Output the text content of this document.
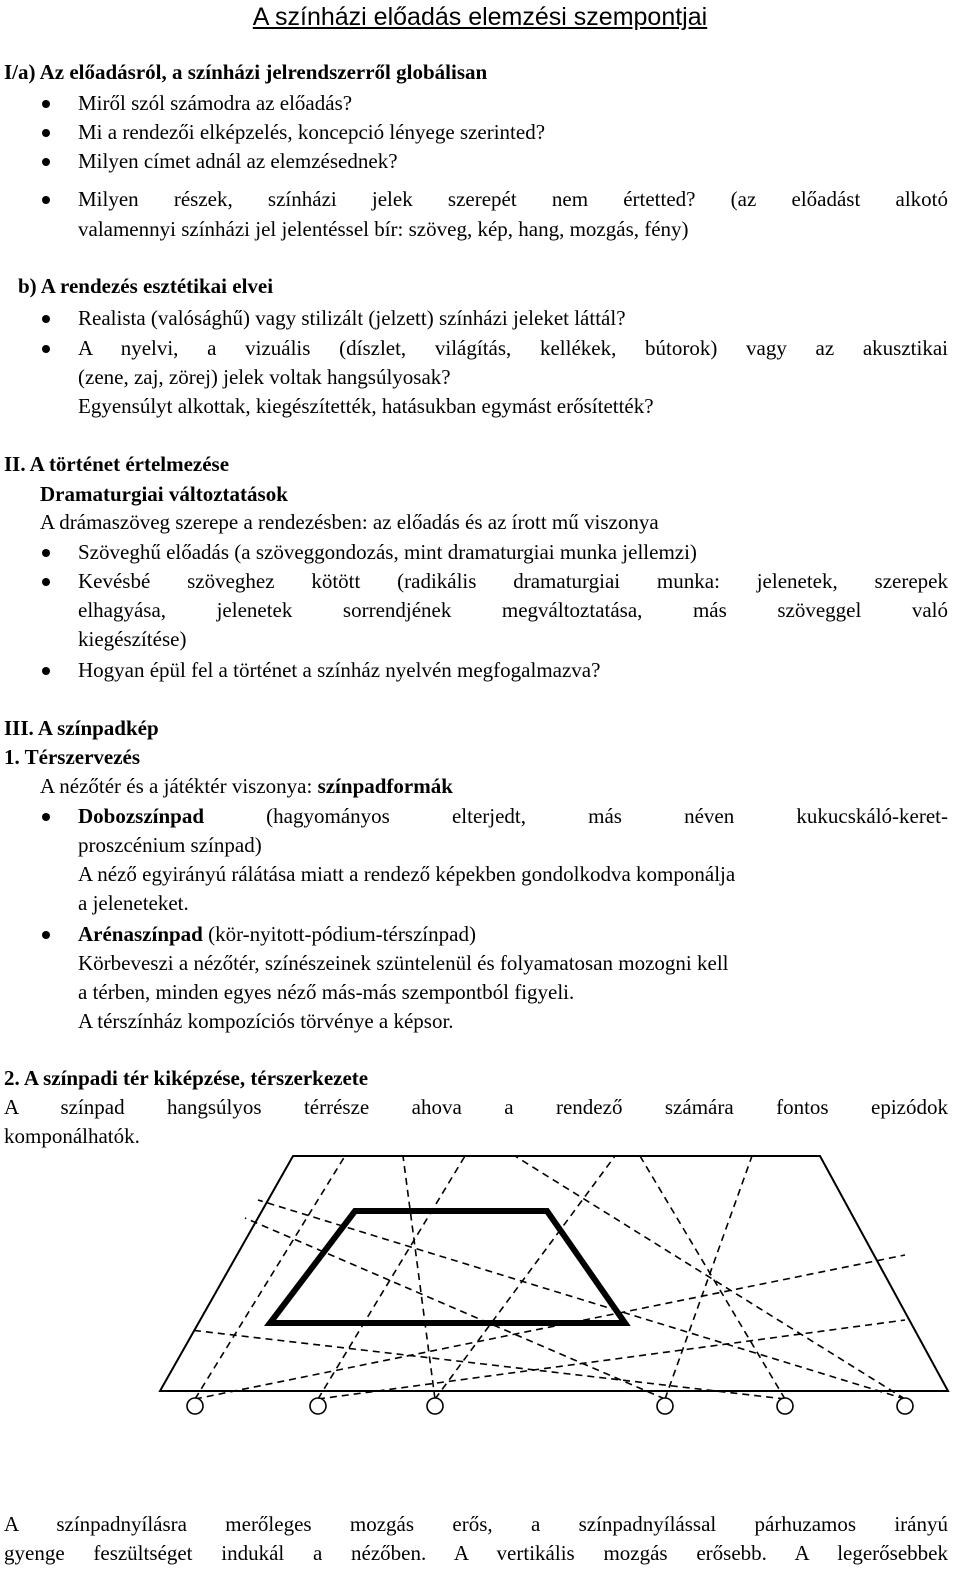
A színházi előadás elemzési szempontjai
I/a) Az előadásról, a színházi jelrendszerről globálisan
Miről szól számodra az előadás?
Mi a rendezői elképzelés, koncepció lényege szerinted?
Milyen címet adnál az elemzésednek?
Milyen részek, színházi jelek szerepét nem értetted? (az előadást alkotó
valamennyi színházi jel jelentéssel bír: szöveg, kép, hang, mozgás, fény)
b) A rendezés esztétikai elvei
Realista (valósághű) vagy stilizált (jelzett) színházi jeleket láttál?
A nyelvi, a vizuális (díszlet, világítás, kellékek, bútorok) vagy az akusztikai
(zene, zaj, zörej) jelek voltak hangsúlyosak?
Egyensúlyt alkottak, kiegészítették, hatásukban egymást erősítették?
II. A történet értelmezése
Dramaturgiai változtatások
A drámaszöveg szerepe a rendezésben: az előadás és az írott mű viszonya
Szöveghű előadás (a szöveggondozás, mint dramaturgiai munka jellemzi)
Kevésbé szöveghez kötött (radikális dramaturgiai munka: jelenetek, szerepek
elhagyása, jelenetek sorrendjének megváltoztatása, más szöveggel való
kiegészítése)
Hogyan épül fel a történet a színház nyelvén megfogalmazva?
III. A színpadkép
1. Térszervezés
A nézőtér és a játéktér viszonya: színpadformák
Dobozszínpad (hagyományos elterjedt, más néven kukucskáló-keret-
proszcénium színpad)
A néző egyirányú rálátása miatt a rendező képekben gondolkodva komponálja
a jeleneteket.
Arénaszínpad (kör-nyitott-pódium-térszínpad)
Körbeveszi a nézőtér, színészeinek szüntelenül és folyamatosan mozogni kell
a térben, minden egyes néző más-más szempontból figyeli.
A térszínház kompozíciós törvénye a képsor.
2. A színpadi tér kiképzése, térszerkezete
A színpad hangsúlyos térrésze ahova a rendező számára fontos epizódok
komponálhatók.
A színpadnyílásra merőleges mozgás erős, a színpadnyílással párhuzamos irányú
gyenge feszültséget indukál a nézőben. A vertikális mozgás erősebb. A legerősebbek
